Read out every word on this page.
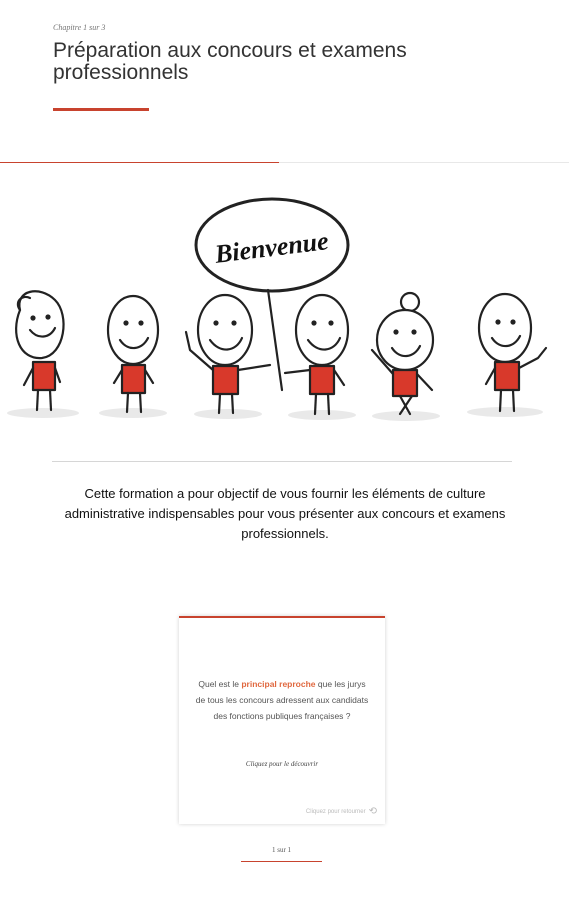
Chapitre 1 sur 3
Préparation aux concours et examens professionnels
Bienvenue
Cette formation a pour objectif de vous fournir les éléments de culture administrative indispensables pour vous présenter aux concours et examens professionnels.
Quel est le principal reproche que les jurys de tous les concours adressent aux candidats des fonctions publiques françaises ?
Cliquez pour le découvrir
Cliquez pour retourner ⟲
1 sur 1
